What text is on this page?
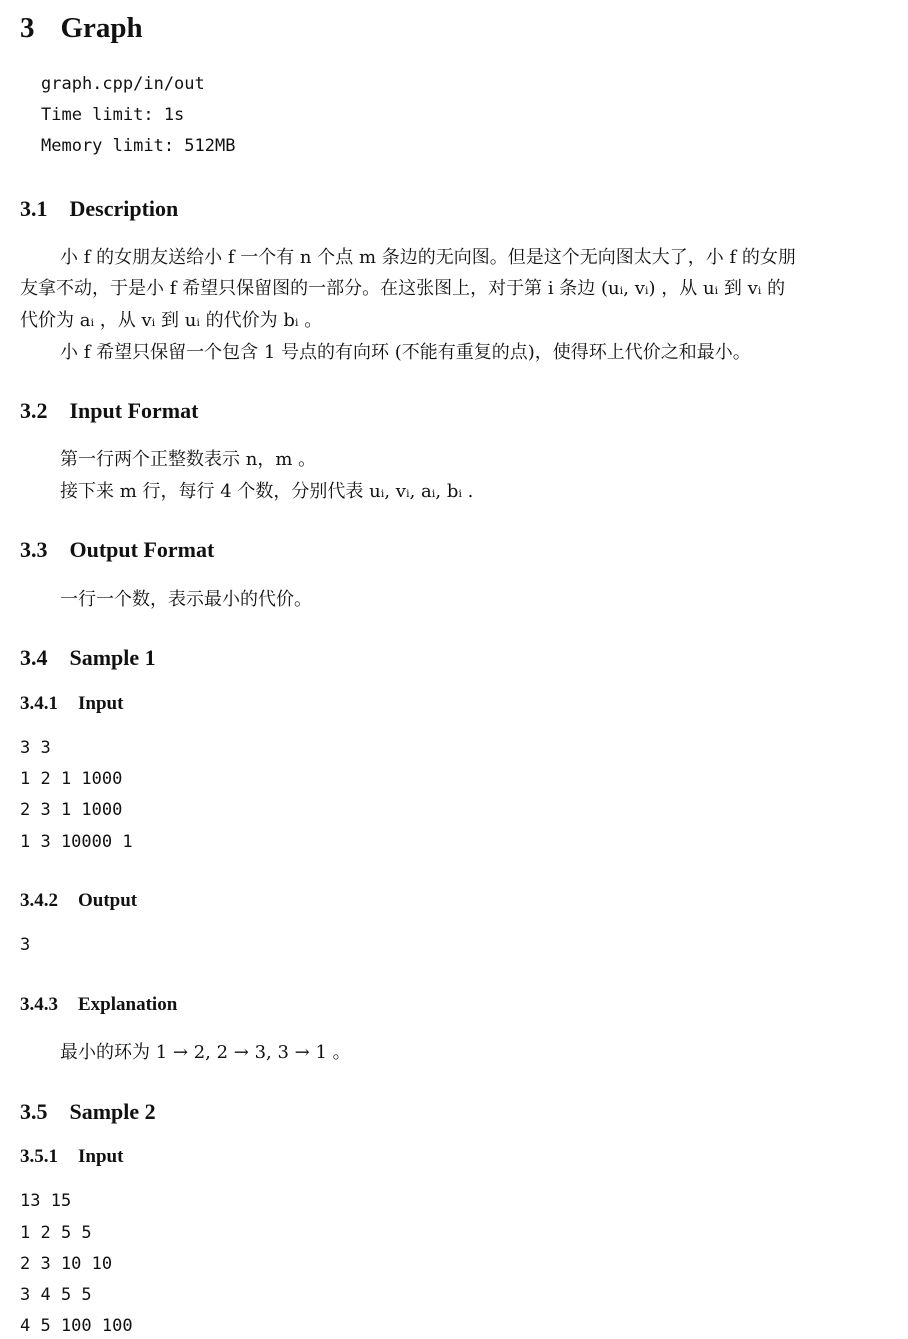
3 Graph
graph.cpp/in/out
Time limit: 1s
Memory limit: 512MB
3.1 Description
小 f 的女朋友送给小 f 一个有 n 个点 m 条边的无向图。但是这个无向图太大了，小 f 的女朋
友拿不动，于是小 f 希望只保留图的一部分。在这张图上，对于第 i 条边 (uᵢ, vᵢ) ，从 uᵢ 到 vᵢ 的
代价为 aᵢ ，从 vᵢ 到 uᵢ 的代价为 bᵢ 。
小 f 希望只保留一个包含 1 号点的有向环 (不能有重复的点)，使得环上代价之和最小。
3.2 Input Format
第一行两个正整数表示 n，m 。
接下来 m 行，每行 4 个数，分别代表 uᵢ, vᵢ, aᵢ, bᵢ .
3.3 Output Format
一行一个数，表示最小的代价。
3.4 Sample 1
3.4.1 Input
3 3
1 2 1 1000
2 3 1 1000
1 3 10000 1
3.4.2 Output
3
3.4.3 Explanation
最小的环为 1 → 2, 2 → 3, 3 → 1 。
3.5 Sample 2
3.5.1 Input
13 15
1 2 5 5
2 3 10 10
3 4 5 5
4 5 100 100
